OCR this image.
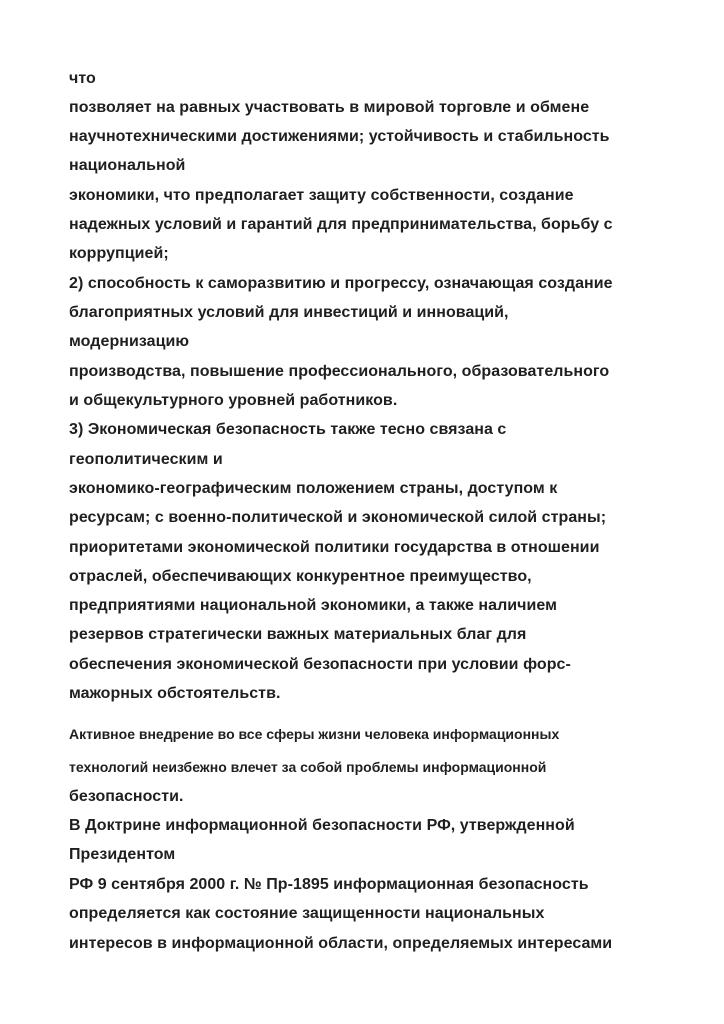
что
позволяет на равных участвовать в мировой торговле и обмене
научнотехническими достижениями; устойчивость и стабильность
национальной
экономики, что предполагает защиту собственности, создание
надежных условий и гарантий для предпринимательства, борьбу с
коррупцией;
2) способность к саморазвитию и прогрессу, означающая создание
благоприятных условий для инвестиций и инноваций,
модернизацию
производства, повышение профессионального, образовательного
и общекультурного уровней работников.
3) Экономическая безопасность также тесно связана с
геополитическим и
экономико-географическим положением страны, доступом к
ресурсам; с военно-политической и экономической силой страны;
приоритетами экономической политики государства в отношении
отраслей, обеспечивающих конкурентное преимущество,
предприятиями национальной экономики, а также наличием
резервов стратегически важных материальных благ для
обеспечения экономической безопасности при условии форс-
мажорных обстоятельств.
Активное внедрение во все сферы жизни человека информационных
технологий неизбежно влечет за собой проблемы информационной
безопасности.
В Доктрине информационной безопасности РФ, утвержденной
Президентом
РФ 9 сентября 2000 г. № Пр-1895 информационная безопасность
определяется как состояние защищенности национальных
интересов в информационной области, определяемых интересами
